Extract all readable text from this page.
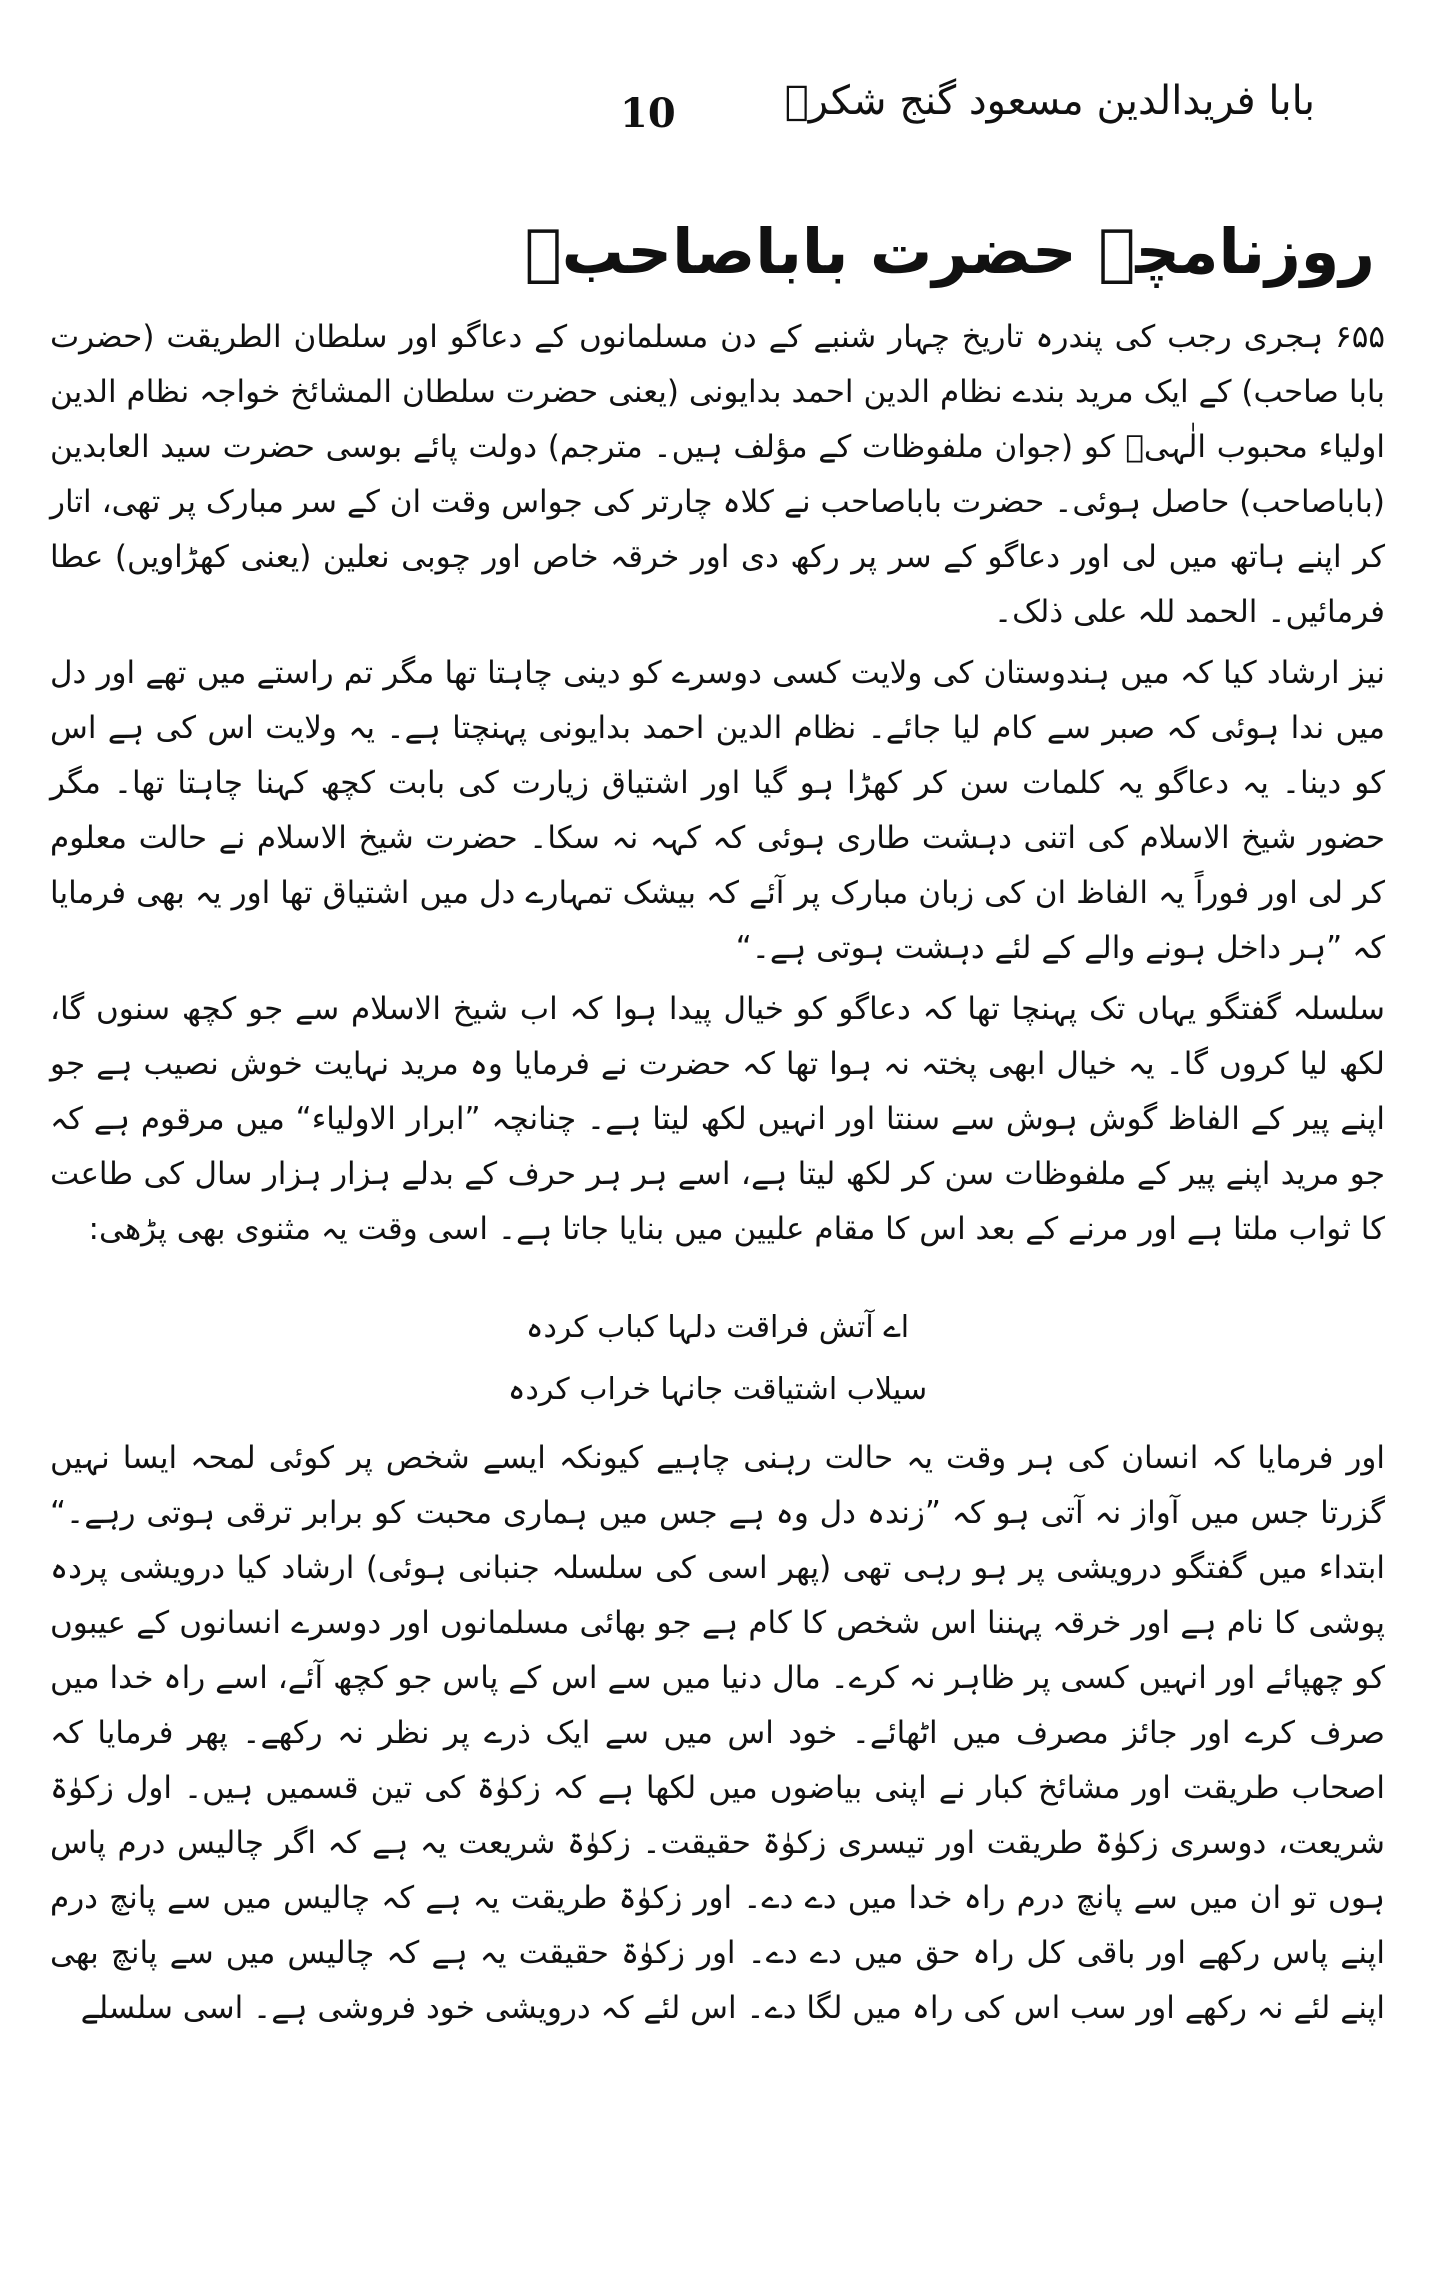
10	بابا فریدالدین مسعود گنج شکرؒ
روزنامچہ حضرت باباصاحبؒ

۶۵۵ ہجری رجب کی پندرہ تاریخ چہار شنبے کے دن مسلمانوں کے دعاگو اور سلطان الطریقت (حضرت بابا صاحب) کے ایک مرید بندے نظام الدین احمد بدایونی (یعنی حضرت سلطان المشائخ خواجہ نظام الدین اولیاء محبوب الٰہیؒ کو (جوان ملفوظات کے مؤلف ہیں۔ مترجم) دولت پائے بوسی حضرت سید العابدین (باباصاحب) حاصل ہوئی۔ حضرت باباصاحب نے کلاہ چارتر کی جواس وقت ان کے سر مبارک پر تھی، اتار کر اپنے ہاتھ میں لی اور دعاگو کے سر پر رکھ دی اور خرقہ خاص اور چوبی نعلین (یعنی کھڑاویں) عطا فرمائیں۔ الحمد للہ علی ذلک۔

نیز ارشاد کیا کہ میں ہندوستان کی ولایت کسی دوسرے کو دینی چاہتا تھا مگر تم راستے میں تھے اور دل میں ندا ہوئی کہ صبر سے کام لیا جائے۔ نظام الدین احمد بدایونی پہنچتا ہے۔ یہ ولایت اس کی ہے اس کو دینا۔ یہ دعاگو یہ کلمات سن کر کھڑا ہو گیا اور اشتیاق زیارت کی بابت کچھ کہنا چاہتا تھا۔ مگر حضور شیخ الاسلام کی اتنی دہشت طاری ہوئی کہ کہہ نہ سکا۔ حضرت شیخ الاسلام نے حالت معلوم کر لی اور فوراً یہ الفاظ ان کی زبان مبارک پر آئے کہ بیشک تمہارے دل میں اشتیاق تھا اور یہ بھی فرمایا کہ ”ہر داخل ہونے والے کے لئے دہشت ہوتی ہے۔“

سلسلہ گفتگو یہاں تک پہنچا تھا کہ دعاگو کو خیال پیدا ہوا کہ اب شیخ الاسلام سے جو کچھ سنوں گا، لکھ لیا کروں گا۔ یہ خیال ابھی پختہ نہ ہوا تھا کہ حضرت نے فرمایا وہ مرید نہایت خوش نصیب ہے جو اپنے پیر کے الفاظ گوش ہوش سے سنتا اور انہیں لکھ لیتا ہے۔ چنانچہ ”ابرار الاولیاء“ میں مرقوم ہے کہ جو مرید اپنے پیر کے ملفوظات سن کر لکھ لیتا ہے، اسے ہر ہر حرف کے بدلے ہزار ہزار سال کی طاعت کا ثواب ملتا ہے اور مرنے کے بعد اس کا مقام علیین میں بنایا جاتا ہے۔ اسی وقت یہ مثنوی بھی پڑھی:

اے آتش فراقت دلہا کباب کردہ
سیلاب اشتیاقت جانہا خراب کردہ

اور فرمایا کہ انسان کی ہر وقت یہ حالت رہنی چاہیے کیونکہ ایسے شخص پر کوئی لمحہ ایسا نہیں گزرتا جس میں آواز نہ آتی ہو کہ ”زندہ دل وہ ہے جس میں ہماری محبت کو برابر ترقی ہوتی رہے۔“ ابتداء میں گفتگو درویشی پر ہو رہی تھی (پھر اسی کی سلسلہ جنبانی ہوئی) ارشاد کیا درویشی پردہ پوشی کا نام ہے اور خرقہ پہننا اس شخص کا کام ہے جو بھائی مسلمانوں اور دوسرے انسانوں کے عیبوں کو چھپائے اور انہیں کسی پر ظاہر نہ کرے۔ مال دنیا میں سے اس کے پاس جو کچھ آئے، اسے راہ خدا میں صرف کرے اور جائز مصرف میں اٹھائے۔ خود اس میں سے ایک ذرے پر نظر نہ رکھے۔ پھر فرمایا کہ اصحاب طریقت اور مشائخ کبار نے اپنی بیاضوں میں لکھا ہے کہ زکوٰۃ کی تین قسمیں ہیں۔ اول زکوٰۃ شریعت، دوسری زکوٰۃ طریقت اور تیسری زکوٰۃ حقیقت۔ زکوٰۃ شریعت یہ ہے کہ اگر چالیس درم پاس ہوں تو ان میں سے پانچ درم راہ خدا میں دے دے۔ اور زکوٰۃ طریقت یہ ہے کہ چالیس میں سے پانچ درم اپنے پاس رکھے اور باقی کل راہ حق میں دے دے۔ اور زکوٰۃ حقیقت یہ ہے کہ چالیس میں سے پانچ بھی اپنے لئے نہ رکھے اور سب اس کی راہ میں لگا دے۔ اس لئے کہ درویشی خود فروشی ہے۔ اسی سلسلے
